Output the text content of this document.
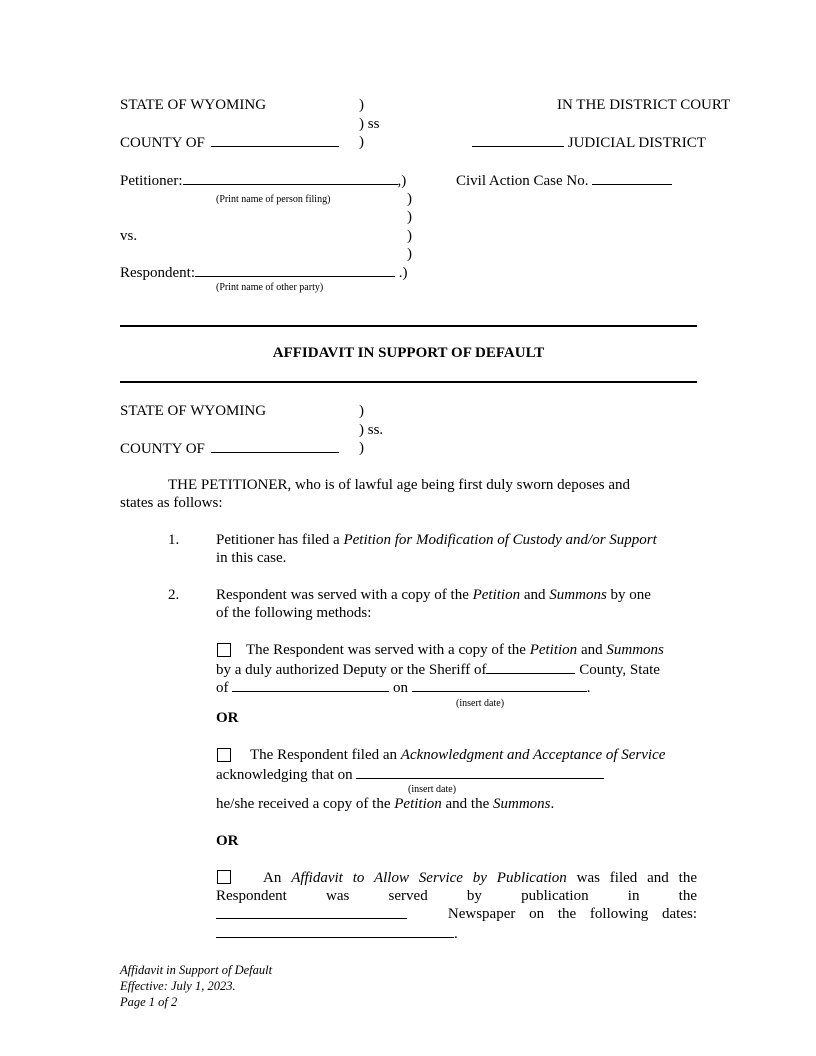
STATE OF WYOMING	)
) ss
IN THE DISTRICT COURT
COUNTY OF	)	JUDICIAL DISTRICT
Petitioner:	,)
(Print name of person filing)
Civil Action Case No.
)
)
vs.	)
)
Respondent:	.)
(Print name of other party)
AFFIDAVIT IN SUPPORT OF DEFAULT
STATE OF WYOMING	)
) ss.
COUNTY OF	)
THE PETITIONER, who is of lawful age being first duly sworn deposes and
states as follows:
1. Petitioner has filed a Petition for Modification of Custody and/or Support
in this case.
2. Respondent was served with a copy of the Petition and Summons by one
of the following methods:
The Respondent was served with a copy of the Petition and Summons
by a duly authorized Deputy or the Sheriff of	County, State
of	on	.
(insert date)
OR
The Respondent filed an Acknowledgment and Acceptance of Service
acknowledging that on
(insert date)
he/she received a copy of the Petition and the Summons.
OR
An Affidavit to Allow Service by Publication was filed and the
Respondent was served by publication in the
Newspaper on the following dates:
.
Affidavit in Support of Default
Effective: July 1, 2023.
Page 1 of 2
